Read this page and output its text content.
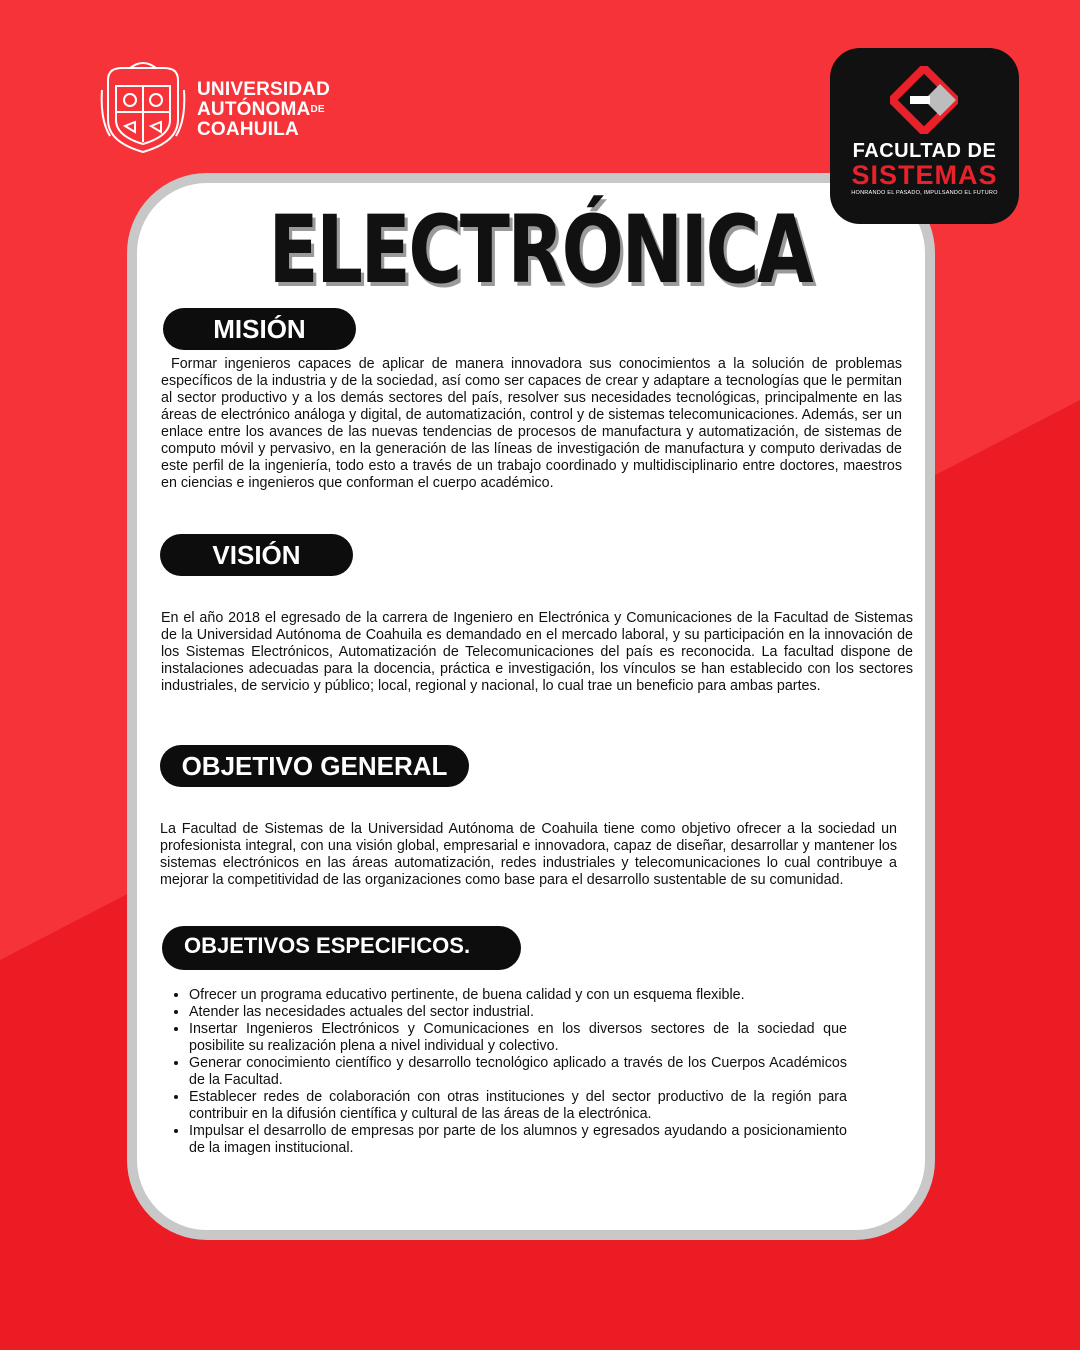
UNIVERSIDAD
AUTÓNOMADE
COAHUILA
FACULTAD DE
SISTEMAS
HONRANDO EL PASADO, IMPULSANDO EL FUTURO
ELECTRÓNICA
MISIÓN
Formar ingenieros capaces de aplicar de manera innovadora sus conocimientos a la solución de problemas específicos de la industria y de la sociedad, así como ser capaces de crear y adaptare a tecnologías que le permitan al sector productivo y a los demás sectores del país, resolver sus necesidades tecnológicas, principalmente en las áreas de electrónico análoga y digital, de automatización, control y de sistemas telecomunicaciones. Además, ser un enlace entre los avances de las nuevas tendencias de procesos de manufactura y automatización, de sistemas de computo móvil y pervasivo, en la generación de las líneas de investigación de manufactura y computo derivadas de este perfil de la ingeniería, todo esto a través de un trabajo coordinado y multidisciplinario entre doctores, maestros en ciencias e ingenieros que conforman el cuerpo académico.
VISIÓN
En el año 2018 el egresado de la carrera de Ingeniero en Electrónica y Comunicaciones de la Facultad de Sistemas de la Universidad Autónoma de Coahuila es demandado en el mercado laboral, y su participación en la innovación de los Sistemas Electrónicos, Automatización de Telecomunicaciones del país es reconocida. La facultad dispone de instalaciones adecuadas para la docencia, práctica e investigación, los vínculos se han establecido con los sectores industriales, de servicio y público; local, regional y nacional, lo cual trae un beneficio para ambas partes.
OBJETIVO GENERAL
La Facultad de Sistemas de la Universidad Autónoma de Coahuila tiene como objetivo ofrecer a la sociedad un profesionista integral, con una visión global, empresarial e innovadora, capaz de diseñar, desarrollar y mantener los sistemas electrónicos en las áreas automatización, redes industriales y telecomunicaciones lo cual contribuye a mejorar la competitividad de las organizaciones como base para el desarrollo sustentable de su comunidad.
OBJETIVOS ESPECIFICOS.
• Ofrecer un programa educativo pertinente, de buena calidad y con un esquema flexible.
• Atender las necesidades actuales del sector industrial.
• Insertar Ingenieros Electrónicos y Comunicaciones en los diversos sectores de la sociedad que posibilite su realización plena a nivel individual y colectivo.
• Generar conocimiento científico y desarrollo tecnológico aplicado a través de los Cuerpos Académicos de la Facultad.
• Establecer redes de colaboración con otras instituciones y del sector productivo de la región para contribuir en la difusión científica y cultural de las áreas de la electrónica.
• Impulsar el desarrollo de empresas por parte de los alumnos y egresados ayudando a posicionamiento de la imagen institucional.
